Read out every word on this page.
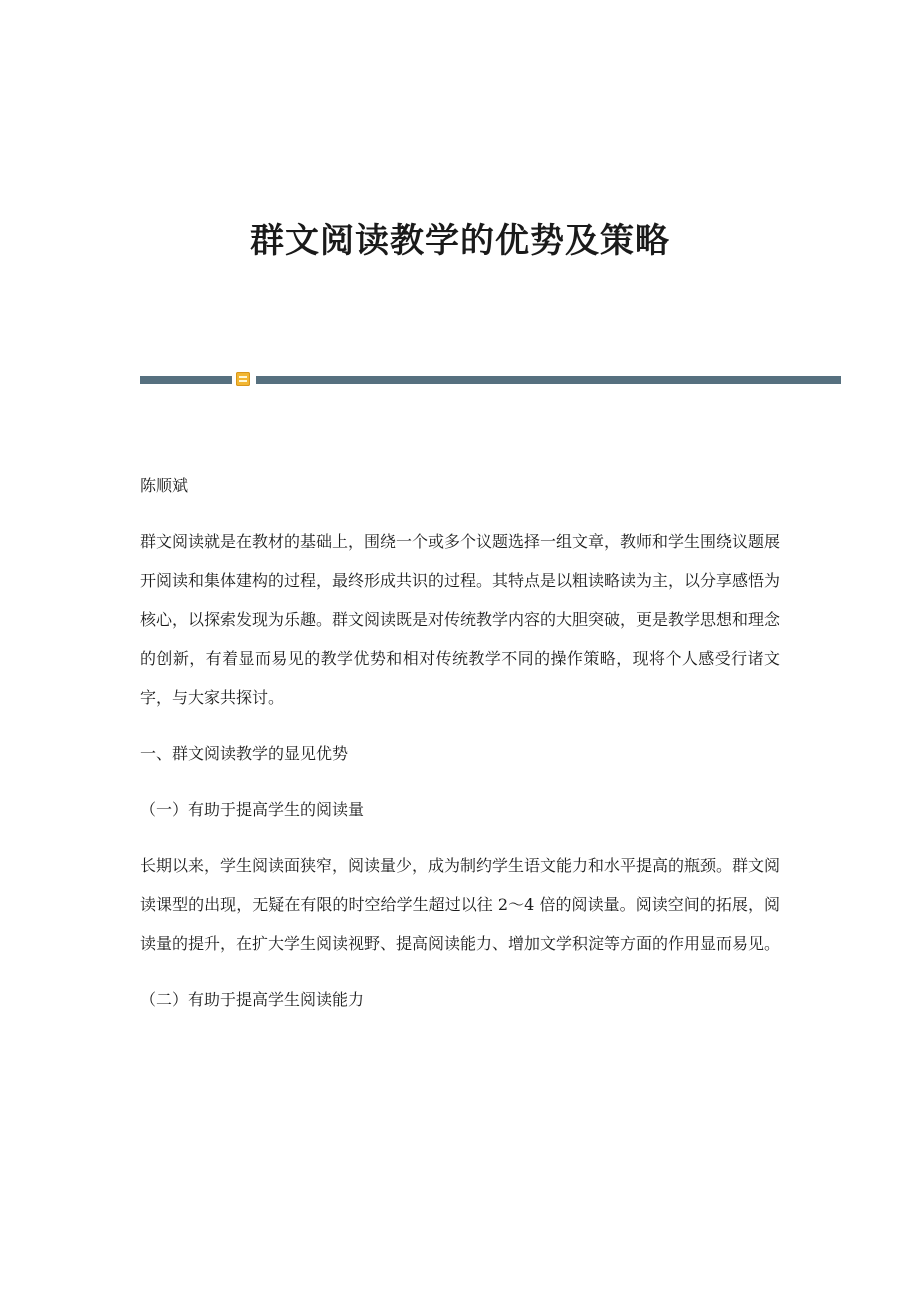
群文阅读教学的优势及策略

陈顺斌

群文阅读就是在教材的基础上，围绕一个或多个议题选择一组文章，教师和学生围绕议题展开阅读和集体建构的过程，最终形成共识的过程。其特点是以粗读略读为主，以分享感悟为核心，以探索发现为乐趣。群文阅读既是对传统教学内容的大胆突破，更是教学思想和理念的创新，有着显而易见的教学优势和相对传统教学不同的操作策略，现将个人感受行诸文字，与大家共探讨。

一、群文阅读教学的显见优势

（一）有助于提高学生的阅读量

长期以来，学生阅读面狭窄，阅读量少，成为制约学生语文能力和水平提高的瓶颈。群文阅读课型的出现，无疑在有限的时空给学生超过以往 2～4 倍的阅读量。阅读空间的拓展，阅读量的提升，在扩大学生阅读视野、提高阅读能力、增加文学积淀等方面的作用显而易见。

（二）有助于提高学生阅读能力
